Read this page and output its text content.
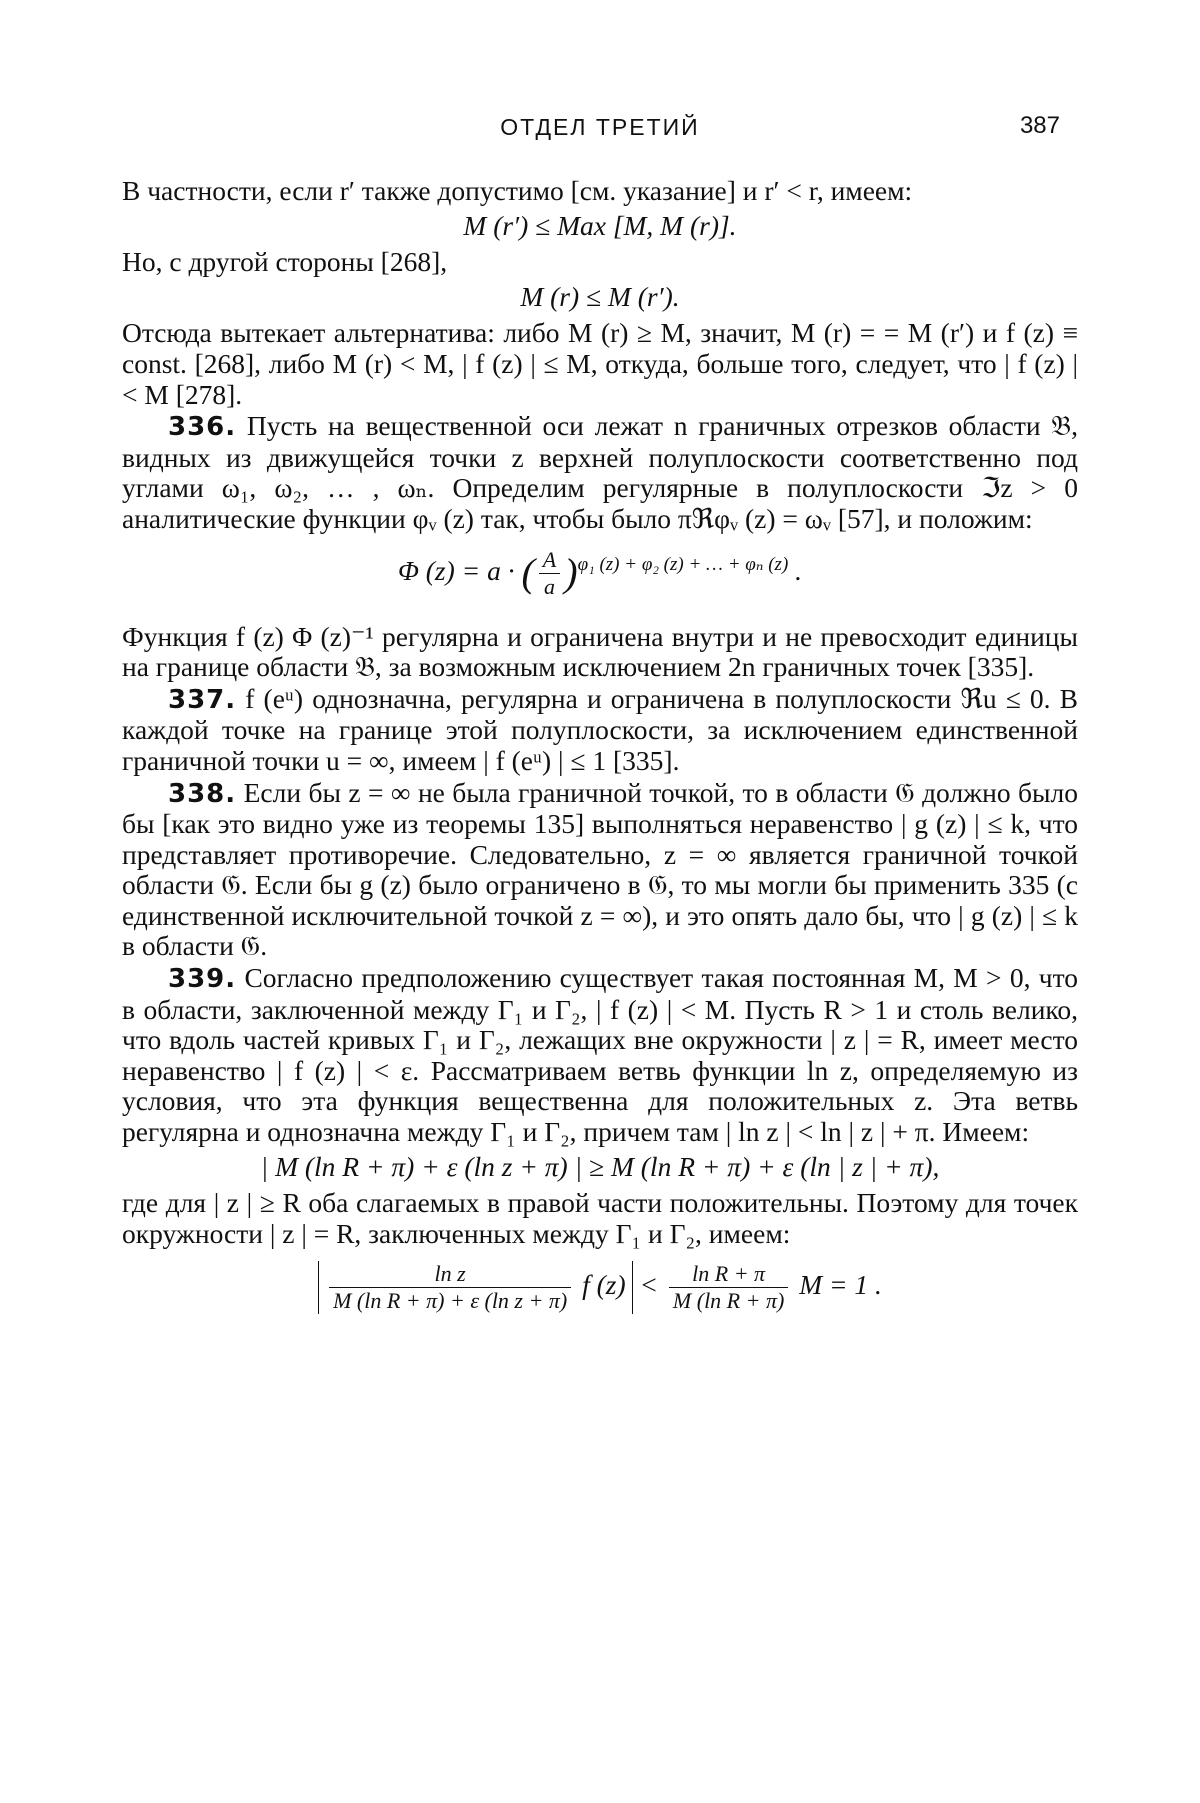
ОТДЕЛ ТРЕТИЙ	387

В частности, если r′ также допустимо [см. указание] и r′ < r, имеем:

M (r′) ≤ Max [M, M (r)].

Но, с другой стороны [268],

M (r) ≤ M (r′).

Отсюда вытекает альтернатива: либо M (r) ≥ M, значит, M (r) = = M (r′) и f (z) ≡ const. [268], либо M (r) < M, | f (z) | ≤ M, откуда, больше того, следует, что | f (z) | < M [278].

336. Пусть на вещественной оси лежат n граничных отрезков области 𝔅, видных из движущейся точки z верхней полуплоскости соответственно под углами ω₁, ω₂, … , ωₙ. Определим регулярные в полуплоскости ℑz > 0 аналитические функции φᵥ (z) так, чтобы было πℜφᵥ (z) = ωᵥ [57], и положим:

Φ (z) = a · ( $\frac{A}{a} )^{\varphi_1 (z) + \varphi_2 (z) + \dots + \varphi_n (z)}$ .

Функция f (z) Φ (z)⁻¹ регулярна и ограничена внутри и не превосходит единицы на границе области 𝔅, за возможным исключением 2n граничных точек [335].

337. f (eᵘ) однозначна, регулярна и ограничена в полуплоскости ℜu ≤ 0. В каждой точке на границе этой полуплоскости, за исключением единственной граничной точки u = ∞, имеем | f (eᵘ) | ≤ 1 [335].

338. Если бы z = ∞ не была граничной точкой, то в области 𝔊 должно было бы [как это видно уже из теоремы 135] выполняться неравенство | g (z) | ≤ k, что представляет противоречие. Следовательно, z = ∞ является граничной точкой области 𝔊. Если бы g (z) было ограничено в 𝔊, то мы могли бы применить 335 (с единственной исключительной точкой z = ∞), и это опять дало бы, что | g (z) | ≤ k в области 𝔊.

339. Согласно предположению существует такая постоянная M, M > 0, что в области, заключенной между Γ₁ и Γ₂, | f (z) | < M. Пусть R > 1 и столь велико, что вдоль частей кривых Γ₁ и Γ₂, лежащих вне окружности | z | = R, имеет место неравенство | f (z) | < ε. Рассматриваем ветвь функции ln z, определяемую из условия, что эта функция вещественна для положительных z. Эта ветвь регулярна и однозначна между Γ₁ и Γ₂, причем там | ln z | < ln | z | + π. Имеем:

| M (ln R + π) + ε (ln z + π) | ≥ M (ln R + π) + ε (ln | z | + π),

где для | z | ≥ R оба слагаемых в правой части положительны. Поэтому для точек окружности | z | = R, заключенных между Γ₁ и Γ₂, имеем:

$\frac{\text{ln z}}{\text{M (ln R + π) + ε (ln z + π)}}$ f $(z) < \frac{\text{ln R + π}}{\text{M (ln R + π)}}$ M = 1 .
